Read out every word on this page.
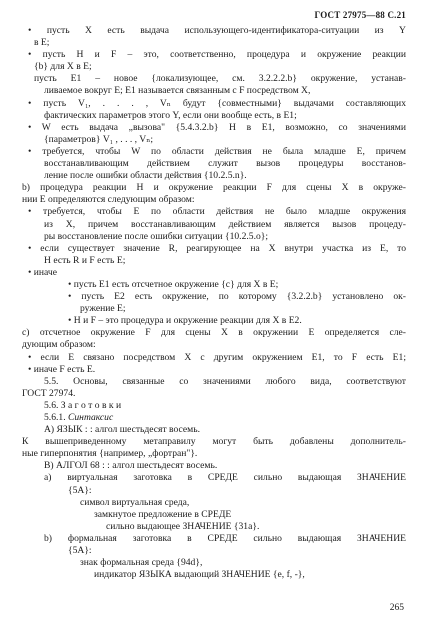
ГОСТ 27975—88 С.21
• пусть X есть выдача использующего-идентификатора-ситуации из Y
в E;
• пусть H и F – это, соответственно, процедура и окружение реакции
{b} для X в E;
пусть E1 – новое {локализующее, см. 3.2.2.2.b} окружение, устанав-
ливаемое вокруг E; E1 называется связанным с F посредством X,
• пусть V₁, . . . , Vₙ будут {совместными} выдачами составляющих
фактических параметров этого Y, если они вообще есть, в E1;
• W есть выдача „вызова" {5.4.3.2.b} H в E1, возможно, со значениями
{параметров} V₁ , . . . , Vₙ;
• требуется, чтобы W по области действия не была младше E, причем
восстанавливающим действием служит вызов процедуры восстанов-
ление после ошибки области действия {10.2.5.n}.
b) процедура реакции H и окружение реакции F для сцены X в окруже-
нии E определяются следующим образом:
• требуется, чтобы E по области действия не было младше окружения
из X, причем восстанавливающим действием является вызов процеду-
ры восстановление после ошибки ситуации {10.2.5.o};
• если существует значение R, реагирующее на X внутри участка из E, то
H есть R и F есть E;
• иначе
• пусть E1 есть отсчетное окружение {c} для X в E;
• пусть E2 есть окружение, по которому {3.2.2.b} установлено ок-
ружение E;
• H и F – это процедура и окружение реакции для X в E2.
c) отсчетное окружение F для сцены X в окружении E определяется сле-
дующим образом:
• если E связано посредством X с другим окружением E1, то F есть E1;
• иначе F есть E.
5.5. Основы, связанные со значениями любого вида, соответствуют
ГОСТ 27974.
5.6. З а г о т о в к и
5.6.1. Синтаксис
A) ЯЗЫК : : алгол шестьдесят восемь.
К вышеприведенному метаправилу могут быть добавлены дополнитель-
ные гиперпонятия {например, „фортран"}.
B) АЛГОЛ 68 : : алгол шестьдесят восемь.
a) виртуальная заготовка в СРЕДЕ сильно выдающая ЗНАЧЕНИЕ
{5A}:
символ виртуальная среда,
замкнутое предложение в СРЕДЕ
сильно выдающее ЗНАЧЕНИЕ {31a}.
b) формальная заготовка в СРЕДЕ сильно выдающая ЗНАЧЕНИЕ
{5A}:
знак формальная среда {94d},
индикатор ЯЗЫКА выдающий ЗНАЧЕНИЕ {e, f, -},
265
